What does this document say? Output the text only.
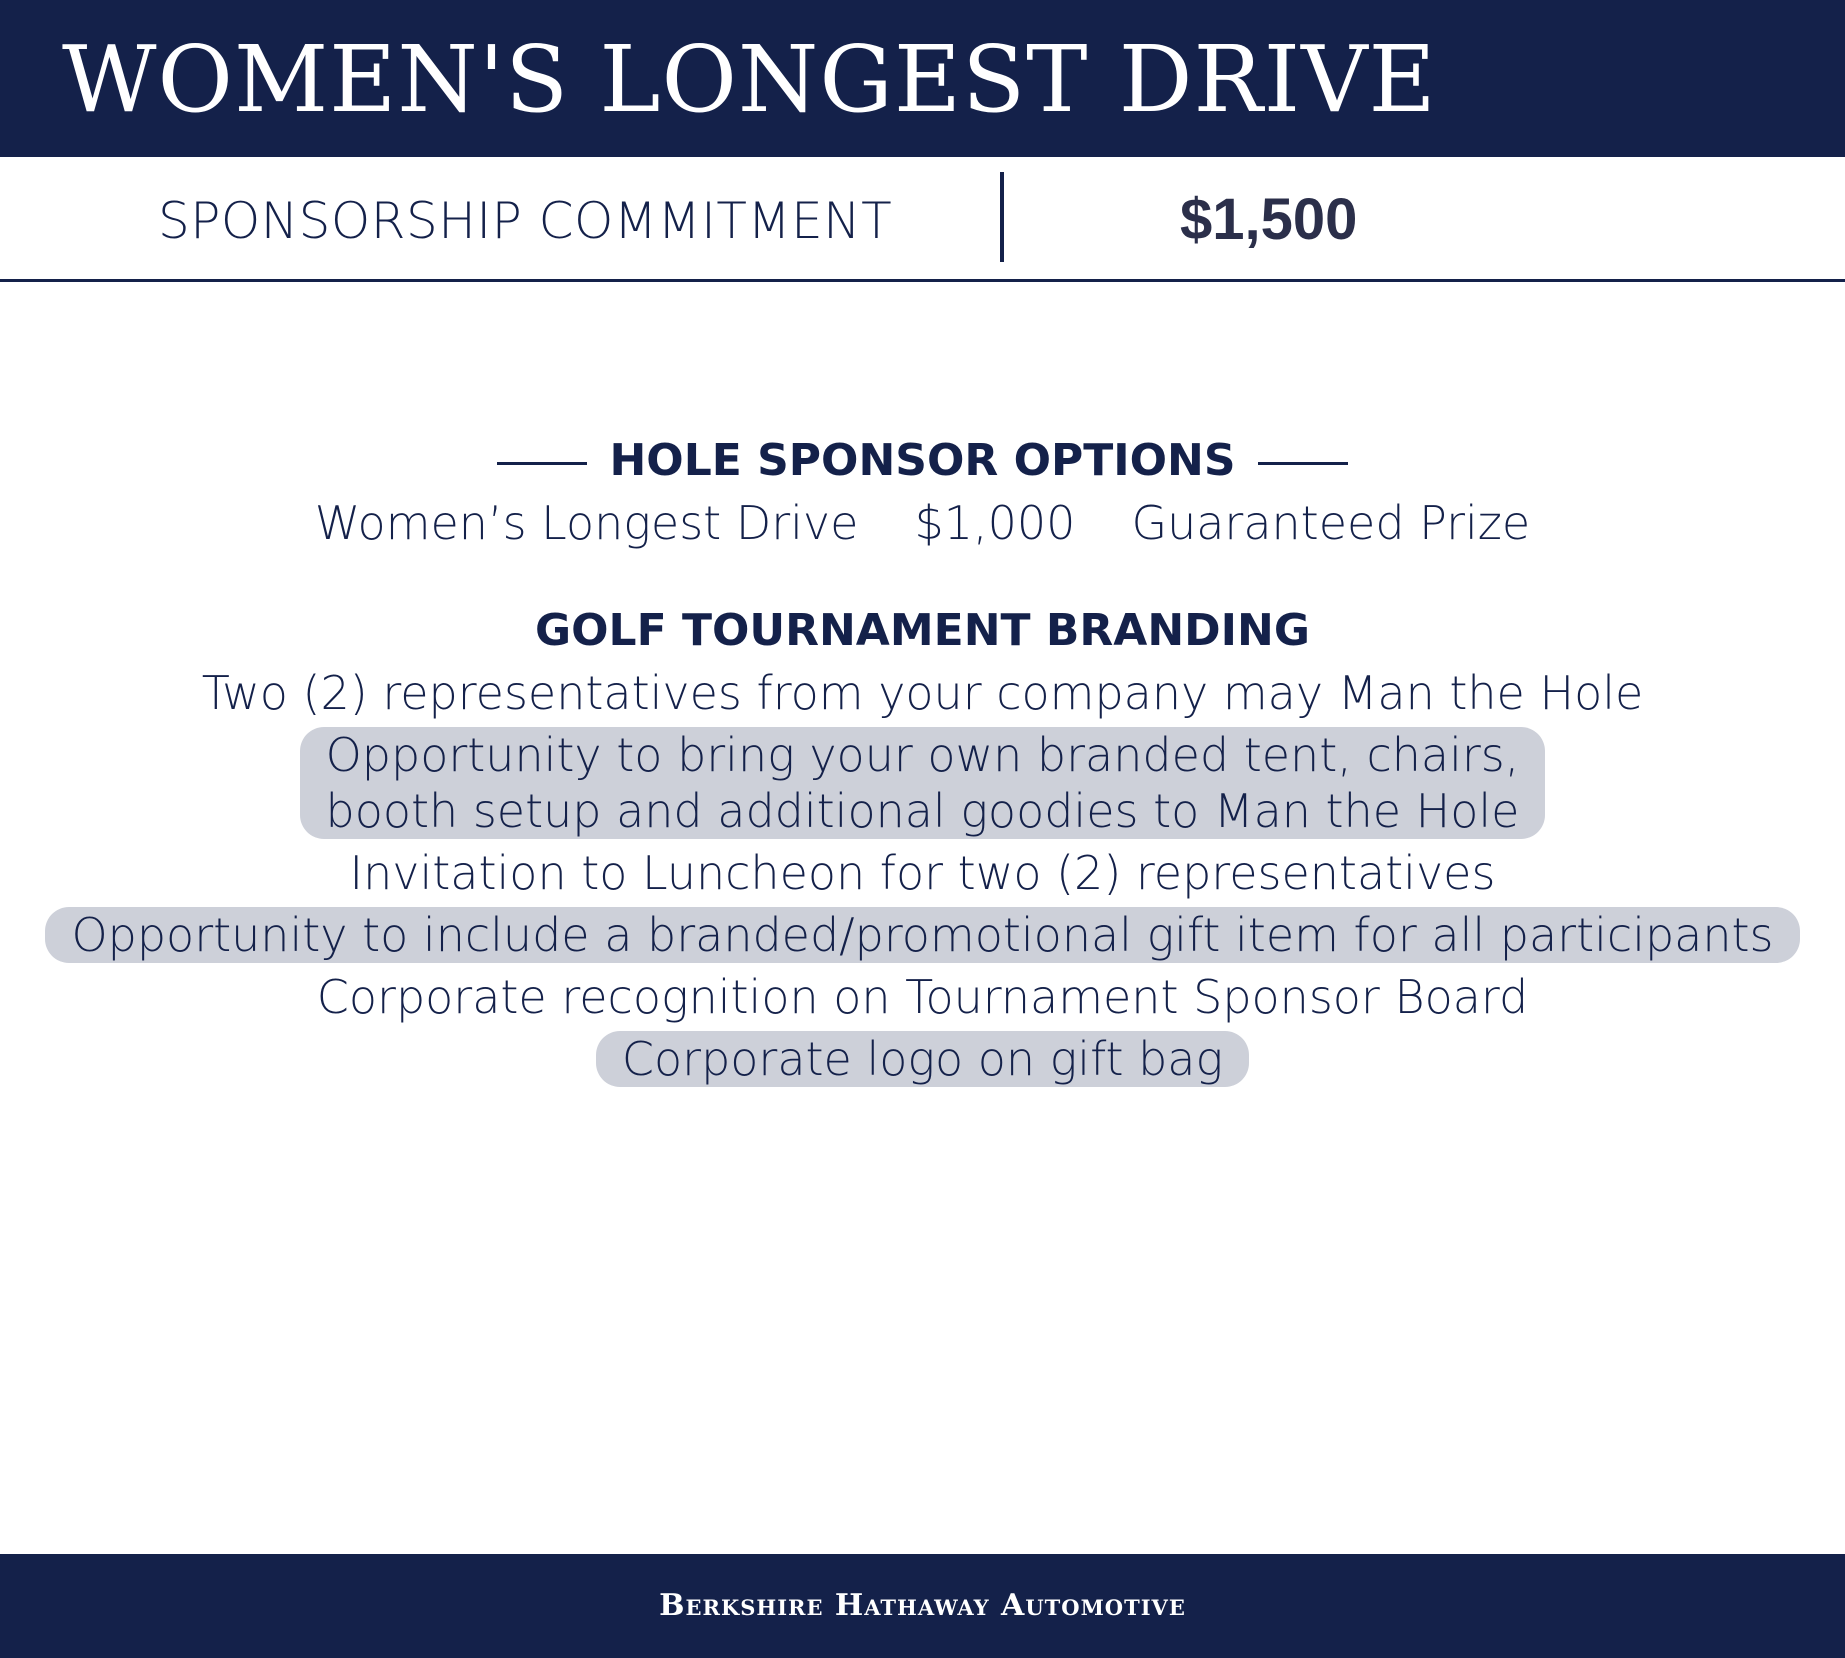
WOMEN'S LONGEST DRIVE
SPONSORSHIP COMMITMENT	$1,500
HOLE SPONSOR OPTIONS
Women’s Longest Drive $1,000 Guaranteed Prize
GOLF TOURNAMENT BRANDING
Two (2) representatives from your company may Man the Hole
Opportunity to bring your own branded tent, chairs,
booth setup and additional goodies to Man the Hole
Invitation to Luncheon for two (2) representatives
Opportunity to include a branded/promotional gift item for all participants
Corporate recognition on Tournament Sponsor Board
Corporate logo on gift bag
Berkshire Hathaway Automotive
